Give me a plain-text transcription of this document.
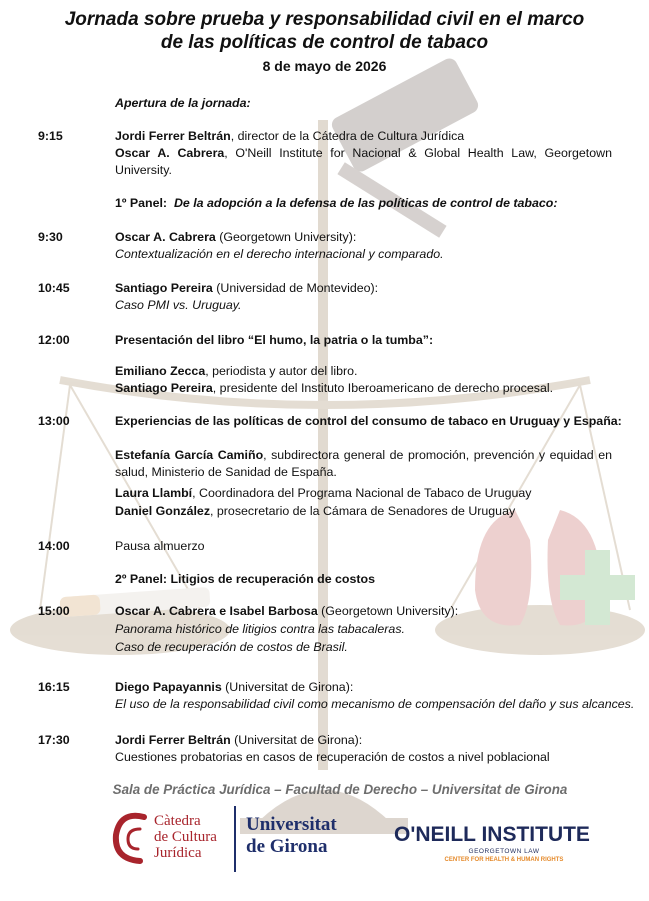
Jornada sobre prueba y responsabilidad civil en el marco
de las políticas de control de tabaco
8 de mayo de 2026
Apertura de la jornada:
9:15	Jordi Ferrer Beltrán, director de la Cátedra de Cultura Jurídica
Oscar A. Cabrera, O'Neill Institute for Nacional & Global Health Law, Georgetown University.
1º Panel: De la adopción a la defensa de las políticas de control de tabaco:
9:30	Oscar A. Cabrera (Georgetown University):
Contextualización en el derecho internacional y comparado.
10:45	Santiago Pereira (Universidad de Montevideo):
Caso PMI vs. Uruguay.
12:00	Presentación del libro “El humo, la patria o la tumba”:
Emiliano Zecca, periodista y autor del libro.
Santiago Pereira, presidente del Instituto Iberoamericano de derecho procesal.
13:00	Experiencias de las políticas de control del consumo de tabaco en Uruguay y España:
Estefanía García Camiño, subdirectora general de promoción, prevención y equidad en salud, Ministerio de Sanidad de España.
Laura Llambí, Coordinadora del Programa Nacional de Tabaco de Uruguay
Daniel González, prosecretario de la Cámara de Senadores de Uruguay
14:00	Pausa almuerzo
2º Panel: Litigios de recuperación de costos
15:00	Oscar A. Cabrera e Isabel Barbosa (Georgetown University):
Panorama histórico de litigios contra las tabacaleras.
Caso de recuperación de costos de Brasil.
16:15	Diego Papayannis (Universitat de Girona):
El uso de la responsabilidad civil como mecanismo de compensación del daño y sus alcances.
17:30	Jordi Ferrer Beltrán (Universitat de Girona):
Cuestiones probatorias en casos de recuperación de costos a nivel poblacional
Sala de Práctica Jurídica – Facultad de Derecho – Universitat de Girona
Càtedra
de Cultura
Jurídica
Universitat
de Girona
O'NEILL INSTITUTE
GEORGETOWN LAW
CENTER FOR HEALTH & HUMAN RIGHTS
